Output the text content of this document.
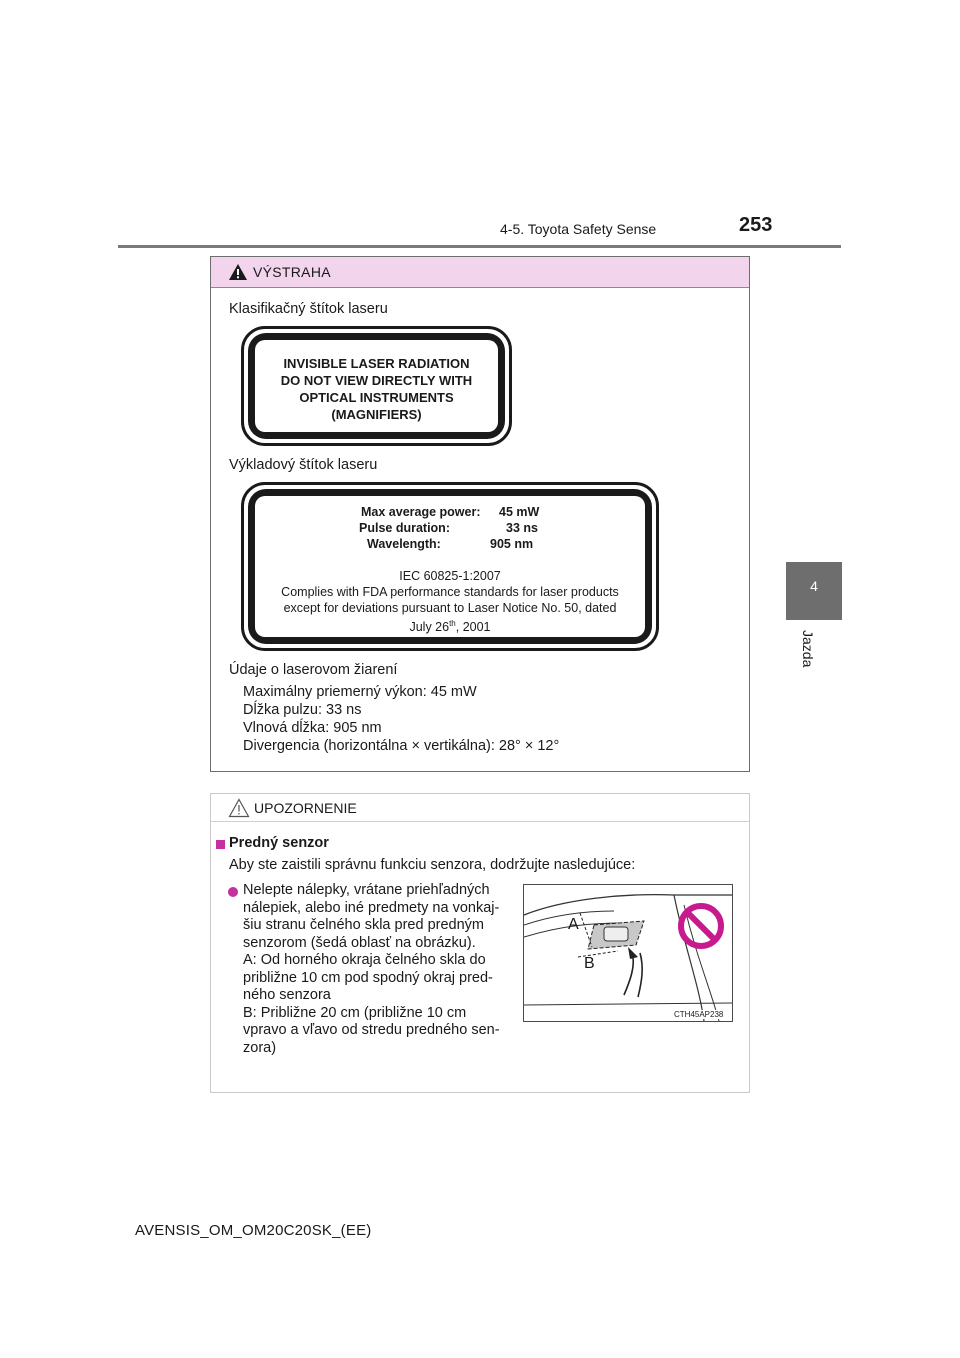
4-5. Toyota Safety Sense	253
4
Jazda
VÝSTRAHA
Klasifikačný štítok laseru
INVISIBLE LASER RADIATION
DO NOT VIEW DIRECTLY WITH
OPTICAL INSTRUMENTS
(MAGNIFIERS)
Výkladový štítok laseru
Max average power: 45 mW
Pulse duration:	33 ns
Wavelength:	905 nm
IEC 60825-1:2007
Complies with FDA performance standards for laser products
except for deviations pursuant to Laser Notice No. 50, dated
July 26th, 2001
Údaje o laserovom žiarení
Maximálny priemerný výkon: 45 mW
Dĺžka pulzu: 33 ns
Vlnová dĺžka: 905 nm
Divergencia (horizontálna × vertikálna): 28° × 12°
UPOZORNENIE
Predný senzor
Aby ste zaistili správnu funkciu senzora, dodržujte nasledujúce:
Nelepte nálepky, vrátane priehľadných
nálepiek, alebo iné predmety na vonkaj-
šiu stranu čelného skla pred predným
senzorom (šedá oblasť na obrázku).
A: Od horného okraja čelného skla do
približne 10 cm pod spodný okraj pred-
ného senzora
B: Približne 20 cm (približne 10 cm
vpravo a vľavo od stredu predného sen-
zora)
A
B
CTH45AP238
AVENSIS_OM_OM20C20SK_(EE)
